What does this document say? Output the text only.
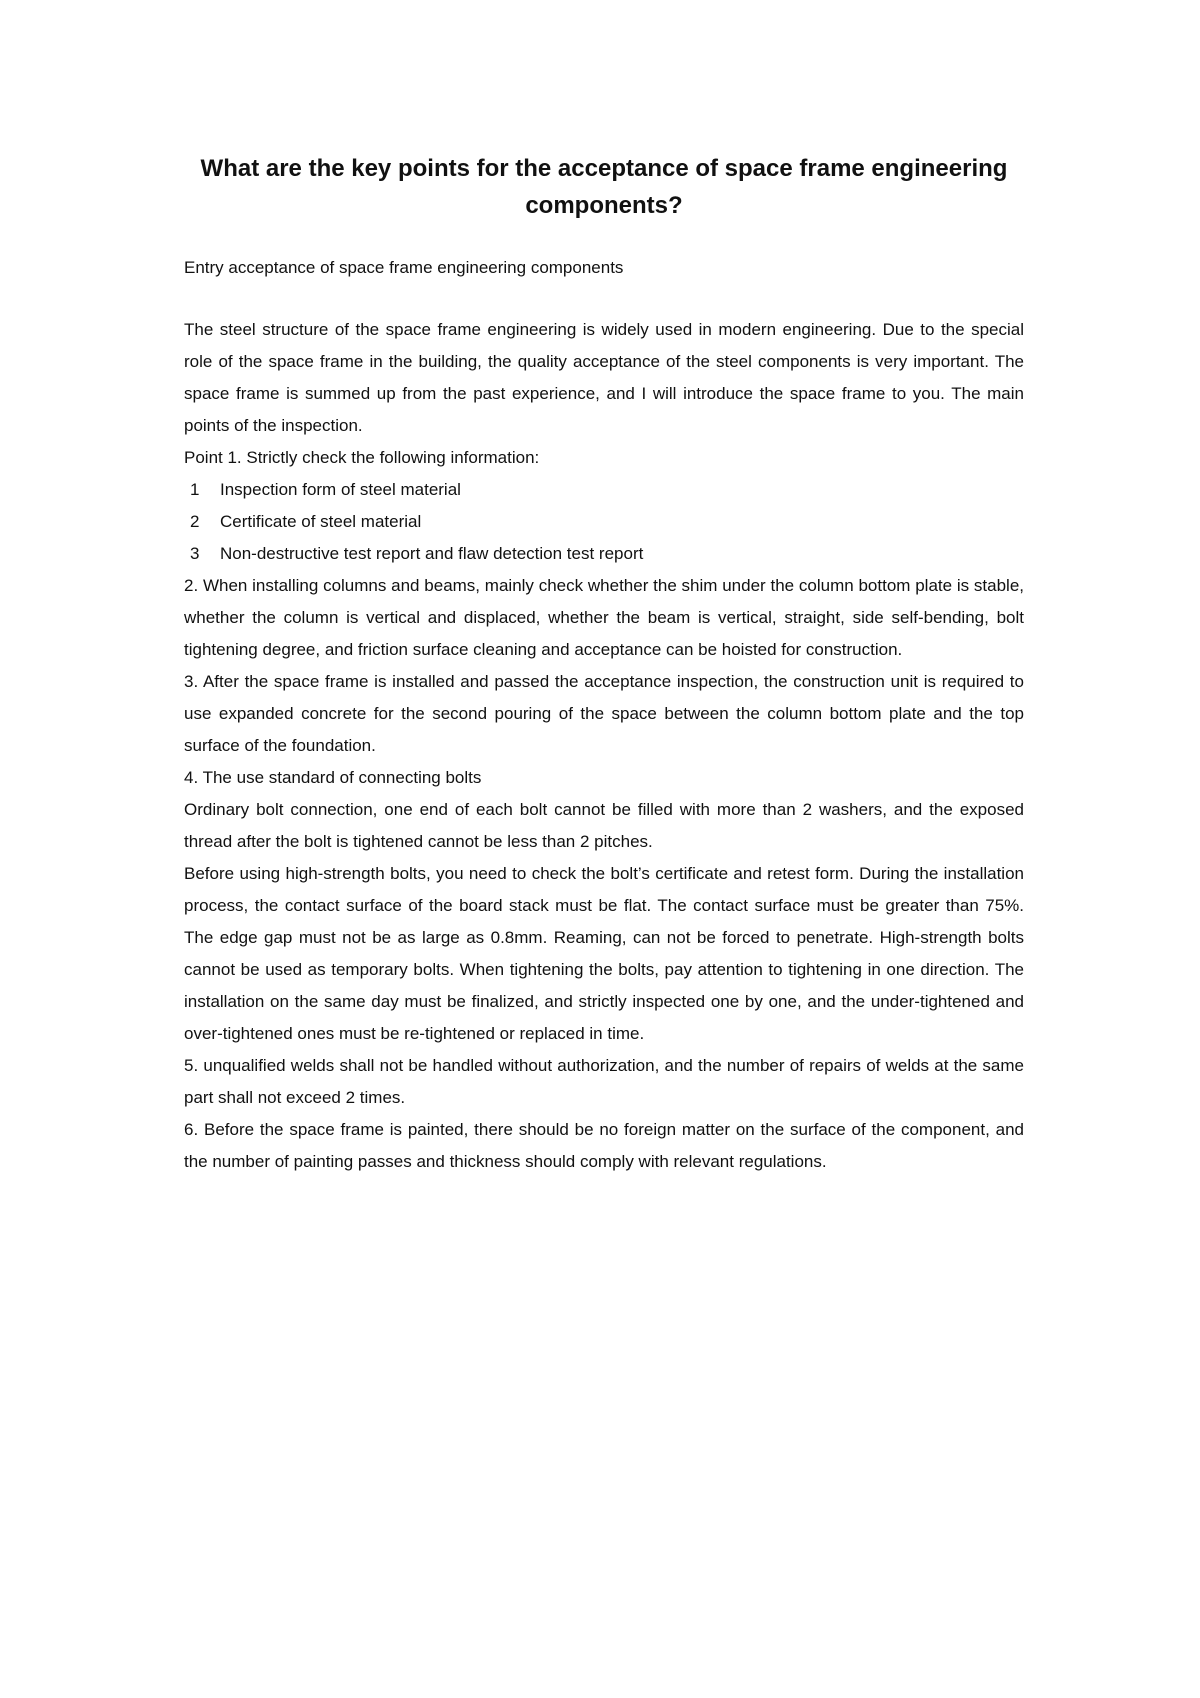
What are the key points for the acceptance of space frame engineering components?

Entry acceptance of space frame engineering components

The steel structure of the space frame engineering is widely used in modern engineering. Due to the special role of the space frame in the building, the quality acceptance of the steel components is very important. The space frame is summed up from the past experience, and I will introduce the space frame to you. The main points of the inspection.

Point 1. Strictly check the following information:

1	Inspection form of steel material
2	Certificate of steel material
3	Non-destructive test report and flaw detection test report

2. When installing columns and beams, mainly check whether the shim under the column bottom plate is stable, whether the column is vertical and displaced, whether the beam is vertical, straight, side self-bending, bolt tightening degree, and friction surface cleaning and acceptance can be hoisted for construction.

3. After the space frame is installed and passed the acceptance inspection, the construction unit is required to use expanded concrete for the second pouring of the space between the column bottom plate and the top surface of the foundation.

4. The use standard of connecting bolts

Ordinary bolt connection, one end of each bolt cannot be filled with more than 2 washers, and the exposed thread after the bolt is tightened cannot be less than 2 pitches.

Before using high-strength bolts, you need to check the bolt’s certificate and retest form. During the installation process, the contact surface of the board stack must be flat. The contact surface must be greater than 75%. The edge gap must not be as large as 0.8mm. Reaming, can not be forced to penetrate. High-strength bolts cannot be used as temporary bolts. When tightening the bolts, pay attention to tightening in one direction. The installation on the same day must be finalized, and strictly inspected one by one, and the under-tightened and over-tightened ones must be re-tightened or replaced in time.

5. unqualified welds shall not be handled without authorization, and the number of repairs of welds at the same part shall not exceed 2 times.

6. Before the space frame is painted, there should be no foreign matter on the surface of the component, and the number of painting passes and thickness should comply with relevant regulations.
